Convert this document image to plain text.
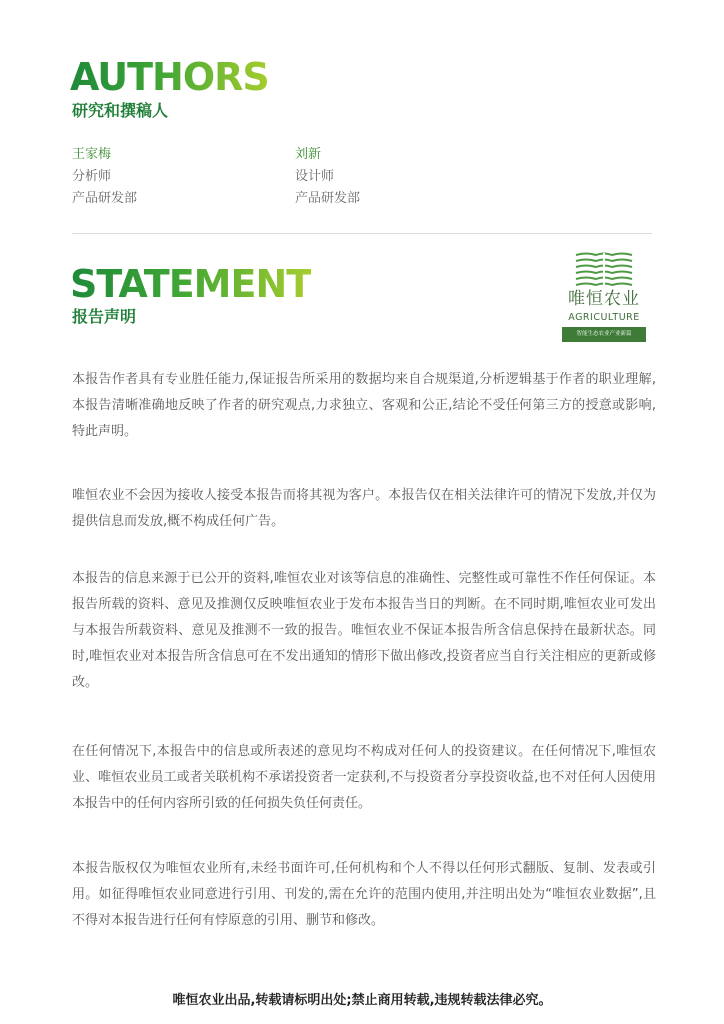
AUTHORS
研究和撰稿人
王家梅
分析师
产品研发部
刘新
设计师
产品研发部
STATEMENT
报告声明
唯恒农业
AGRICULTURE
智能生态农业产业新篇

本报告作者具有专业胜任能力,保证报告所采用的数据均来自合规渠道,分析逻辑基于作者的职业理解,本报告清晰准确地反映了作者的研究观点,力求独立、客观和公正,结论不受任何第三方的授意或影响,特此声明。

唯恒农业不会因为接收人接受本报告而将其视为客户。本报告仅在相关法律许可的情况下发放,并仅为提供信息而发放,概不构成任何广告。

本报告的信息来源于已公开的资料,唯恒农业对该等信息的准确性、完整性或可靠性不作任何保证。本报告所载的资料、意见及推测仅反映唯恒农业于发布本报告当日的判断。在不同时期,唯恒农业可发出与本报告所载资料、意见及推测不一致的报告。唯恒农业不保证本报告所含信息保持在最新状态。同时,唯恒农业对本报告所含信息可在不发出通知的情形下做出修改,投资者应当自行关注相应的更新或修改。

在任何情况下,本报告中的信息或所表述的意见均不构成对任何人的投资建议。在任何情况下,唯恒农业、唯恒农业员工或者关联机构不承诺投资者一定获利,不与投资者分享投资收益,也不对任何人因使用本报告中的任何内容所引致的任何损失负任何责任。

本报告版权仅为唯恒农业所有,未经书面许可,任何机构和个人不得以任何形式翻版、复制、发表或引用。如征得唯恒农业同意进行引用、刊发的,需在允许的范围内使用,并注明出处为“唯恒农业数据”,且不得对本报告进行任何有悖原意的引用、删节和修改。

唯恒农业出品,转载请标明出处;禁止商用转载,违规转载法律必究。
